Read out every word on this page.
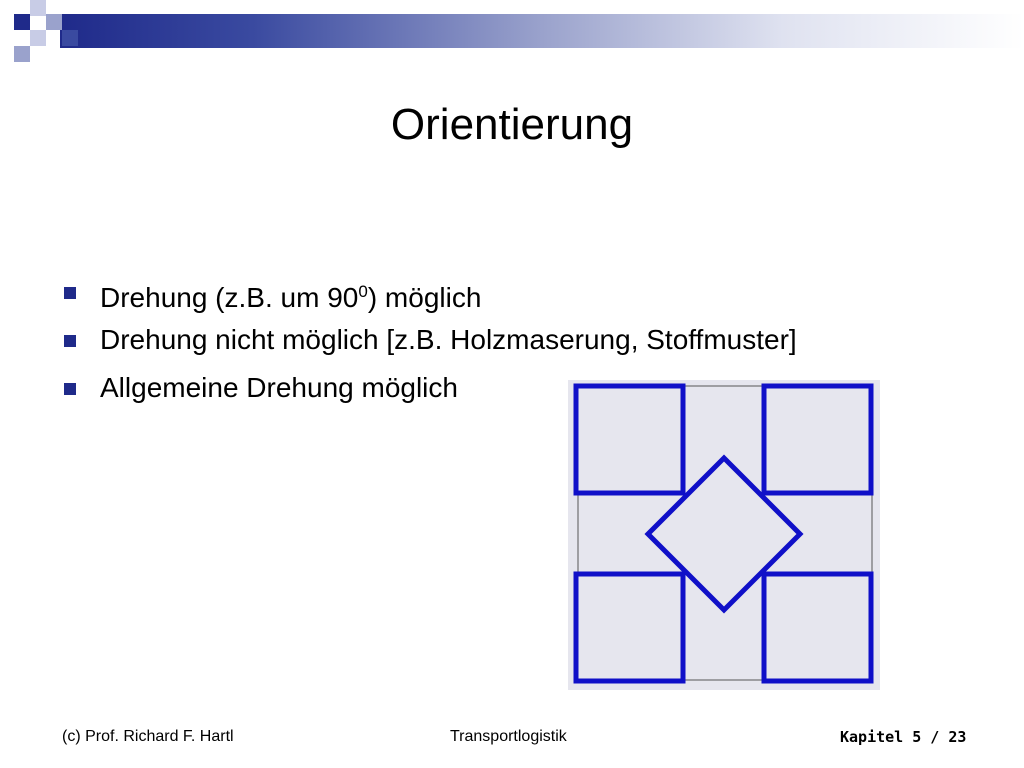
Orientierung
Drehung (z.B. um $90^0$) möglich
Drehung nicht möglich [z.B. Holzmaserung, Stoffmuster]
Allgemeine Drehung möglich
(c) Prof. Richard F. Hartl	Transportlogistik	Kapitel 5 / 23
